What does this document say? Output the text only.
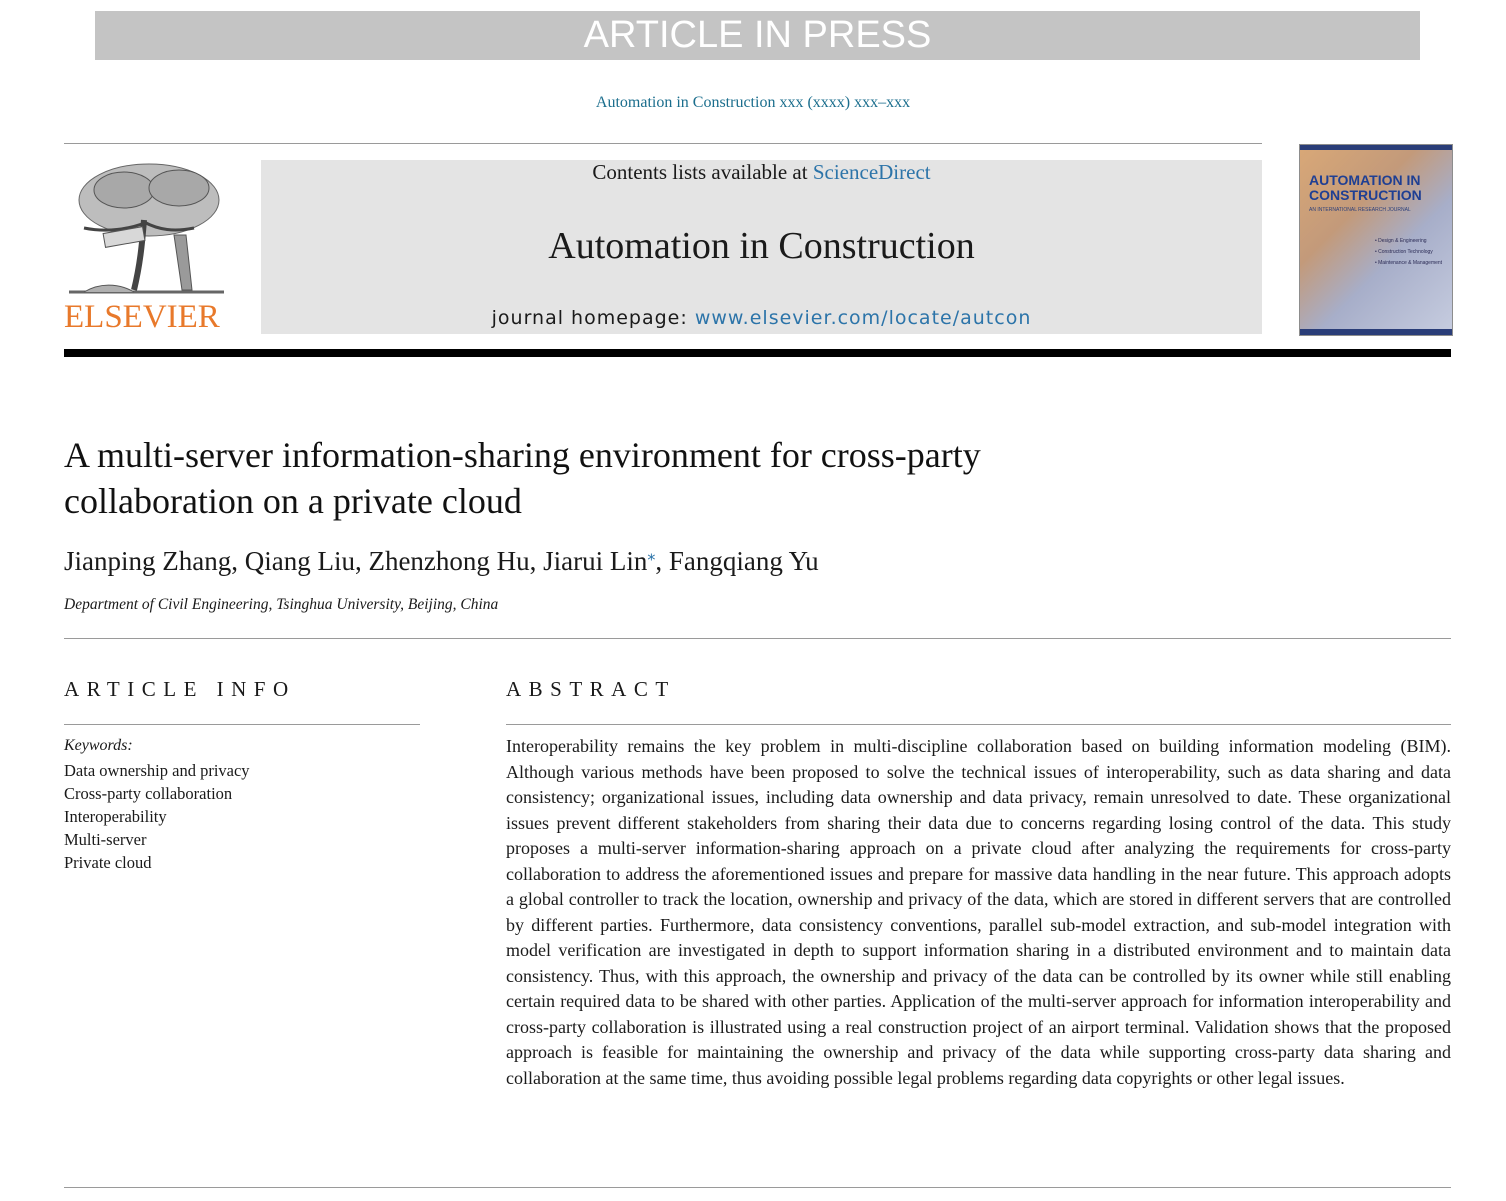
ARTICLE IN PRESS
Automation in Construction xxx (xxxx) xxx–xxx
ELSEVIER
Contents lists available at ScienceDirect
Automation in Construction
journal homepage: www.elsevier.com/locate/autcon
AUTOMATION IN CONSTRUCTION
AN INTERNATIONAL RESEARCH JOURNAL
• Design & Engineering
• Construction Technology
• Maintenance & Management
A multi-server information-sharing environment for cross-party collaboration on a private cloud
Jianping Zhang, Qiang Liu, Zhenzhong Hu, Jiarui Lin⁎, Fangqiang Yu
Department of Civil Engineering, Tsinghua University, Beijing, China
ARTICLE INFO
Keywords:
Data ownership and privacy
Cross-party collaboration
Interoperability
Multi-server
Private cloud
ABSTRACT

Interoperability remains the key problem in multi-discipline collaboration based on building information modeling (BIM). Although various methods have been proposed to solve the technical issues of interoperability, such as data sharing and data consistency; organizational issues, including data ownership and data privacy, remain unresolved to date. These organizational issues prevent different stakeholders from sharing their data due to concerns regarding losing control of the data. This study proposes a multi-server information-sharing approach on a private cloud after analyzing the requirements for cross-party collaboration to address the aforementioned issues and prepare for massive data handling in the near future. This approach adopts a global controller to track the location, ownership and privacy of the data, which are stored in different servers that are controlled by different parties. Furthermore, data consistency conventions, parallel sub-model extraction, and sub-model integration with model verification are investigated in depth to support information sharing in a distributed environment and to maintain data consistency. Thus, with this approach, the ownership and privacy of the data can be controlled by its owner while still enabling certain required data to be shared with other parties. Application of the multi-server approach for information interoperability and cross-party collaboration is illustrated using a real construction project of an airport terminal. Validation shows that the proposed approach is feasible for maintaining the ownership and privacy of the data while supporting cross-party data sharing and collaboration at the same time, thus avoiding possible legal problems regarding data copyrights or other legal issues.
